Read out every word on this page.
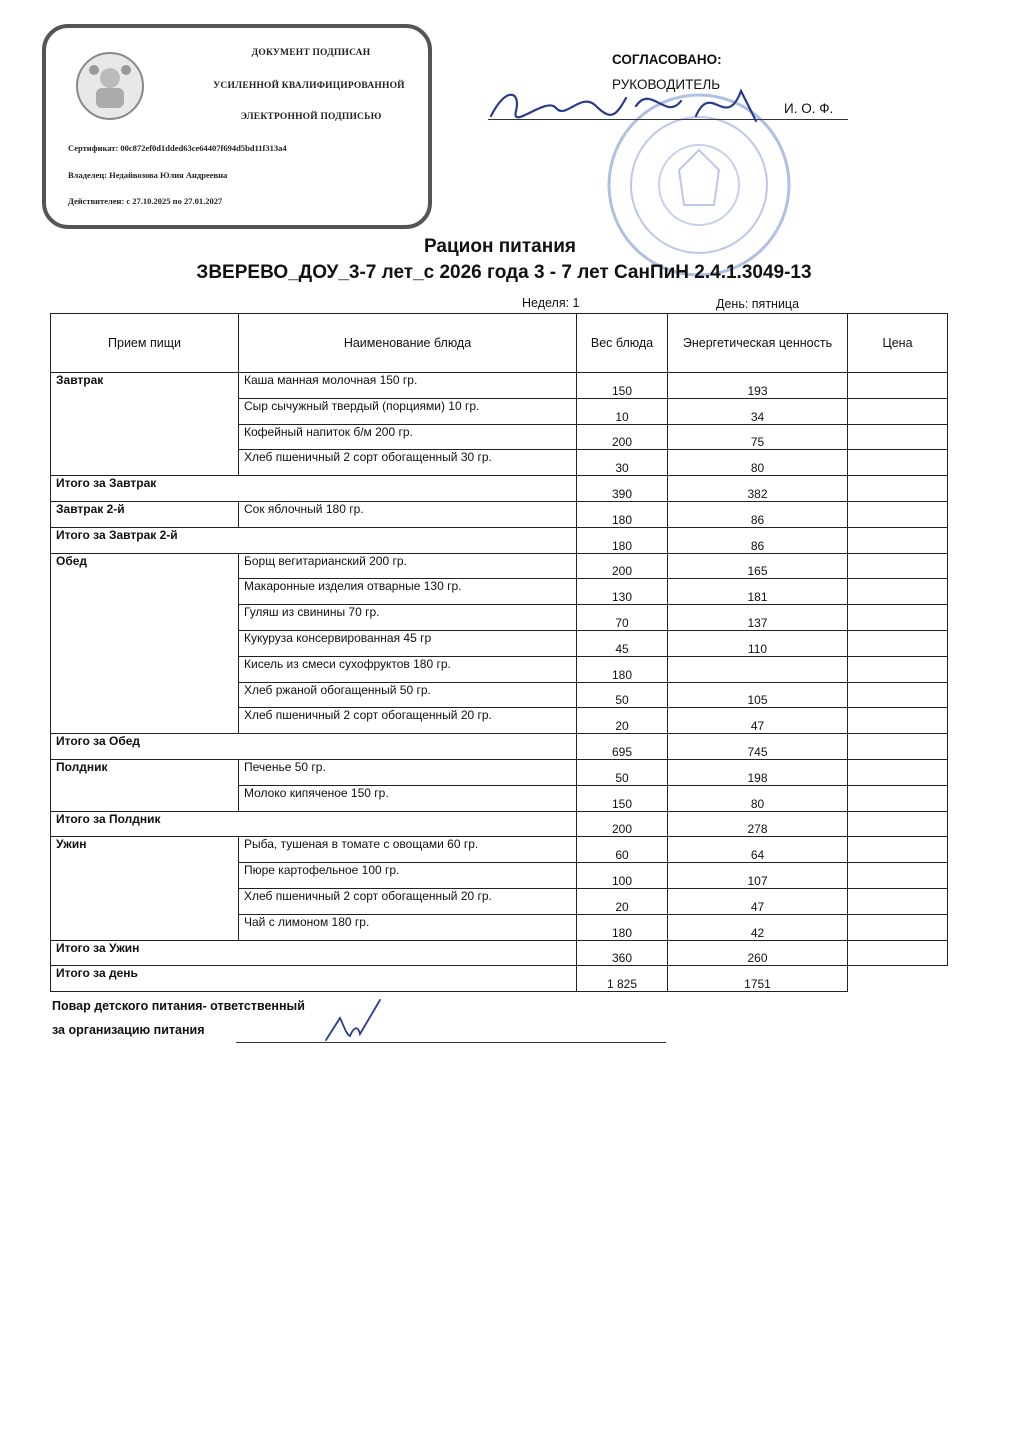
ДОКУМЕНТ ПОДПИСАН
УСИЛЕННОЙ КВАЛИФИЦИРОВАННОЙ
ЭЛЕКТРОННОЙ ПОДПИСЬЮ
Сертификат: 00c872ef0d1dded63ce64407f694d5bd11f313a4
Владелец: Недайвозова Юлия Андреевна
Действителен: с 27.10.2025 по 27.01.2027
СОГЛАСОВАНО:
РУКОВОДИТЕЛЬ
И. О. Ф.
Рацион питания
ЗВЕРЕВО_ДОУ_3-7 лет_с 2026 года 3 - 7 лет СанПиН 2.4.1.3049-13
Неделя: 1	День: пятница
Прием пищи	Наименование блюда	Вес блюда	Энергетическая ценность	Цена
Завтрак	Каша манная молочная 150 гр.	150	193	
	Сыр сычужный твердый (порциями) 10 гр.	10	34	
	Кофейный напиток б/м 200 гр.	200	75	
	Хлеб пшеничный 2 сорт обогащенный 30 гр.	30	80	
Итого за Завтрак		390	382	
Завтрак 2-й	Сок яблочный 180 гр.	180	86	
Итого за Завтрак 2-й		180	86	
Обед	Борщ вегитарианский 200 гр.	200	165	
	Макаронные изделия отварные 130 гр.	130	181	
	Гуляш из свинины 70 гр.	70	137	
	Кукуруза консервированная 45 гр	45	110	
	Кисель из смеси сухофруктов 180 гр.	180		
	Хлеб ржаной обогащенный 50 гр.	50	105	
	Хлеб пшеничный 2 сорт обогащенный 20 гр.	20	47	
Итого за Обед		695	745	
Полдник	Печенье 50 гр.	50	198	
	Молоко кипяченое 150 гр.	150	80	
Итого за Полдник		200	278	
Ужин	Рыба, тушеная в томате с овощами 60 гр.	60	64	
	Пюре картофельное 100 гр.	100	107	
	Хлеб пшеничный 2 сорт обогащенный 20 гр.	20	47	
	Чай с лимоном 180 гр.	180	42	
Итого за Ужин		360	260	
Итого за день		1 825	1751	
Повар детского питания- ответственный
за организацию питания
